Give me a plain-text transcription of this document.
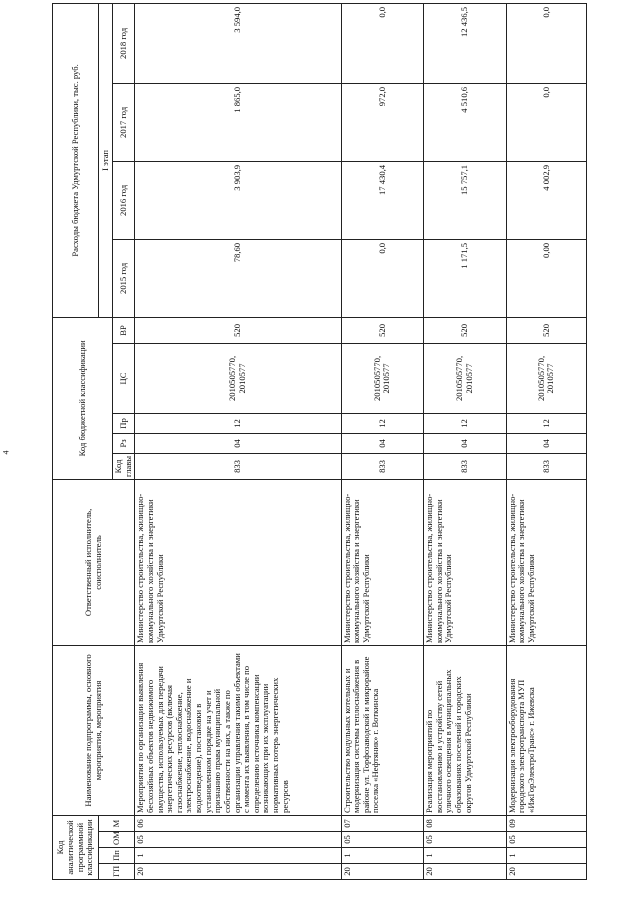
4
Код аналитической программной классификации				Наименование подпрограммы, основного мероприятия, мероприятия	Ответственный исполнитель, соисполнитель	Код бюджетной классификации					Расходы бюджета Удмуртской Республики, тыс. руб.			
ГП	Пп	ОМ	М								I этап			
						Код главы	Рз	Пр	ЦС	ВР	2015 год	2016 год	2017 год	2018 год
20	1	05	06	Мероприятия по организации выявления бесхозяйных объектов недвижимого имущества, используемых для передачи энергетических ресурсов (включая газоснабжение, теплоснабжение, электроснабжение, водоснабжение и водоотведение), постановки в установленном порядке на учет и признанию права муниципальной собственности на них, а также по организации управления такими объектами с момента их выявления, в том числе по определению источника компенсации возникающих при их эксплуатации нормативных потерь энергетических ресурсов	Министерство строительства, жилищно-коммунального хозяйства и энергетики Удмуртской Республики	833	04	12	2010505770, 2010577	520	78,60	3 903,9	1 865,0	3 594,0
20	1	05	07	Строительство модульных котельных и модернизация системы теплоснабжения в районе ул. Торфозаводской и микрорайоне поселка «Нефтяник» г. Воткинска	Министерство строительства, жилищно-коммунального хозяйства и энергетики Удмуртской Республики	833	04	12	2010505770, 2010577	520	0,0	17 430,4	972,0	0,0
20	1	05	08	Реализация мероприятий по восстановлению и устройству сетей уличного освещения в муниципальных образованиях поселений и городских округов Удмуртской Республики	Министерство строительства, жилищно-коммунального хозяйства и энергетики Удмуртской Республики	833	04	12	2010505770, 2010577	520	1 171,5	15 757,1	4 510,6	12 436,5
20	1	05	09	Модернизация электрооборудования городского электротранспорта МУП «ИжГорЭлектроТранс» г. Ижевска	Министерство строительства, жилищно-коммунального хозяйства и энергетики Удмуртской Республики	833	04	12	2010505770, 2010577	520	0,00	4 002,9	0,0	0,0
